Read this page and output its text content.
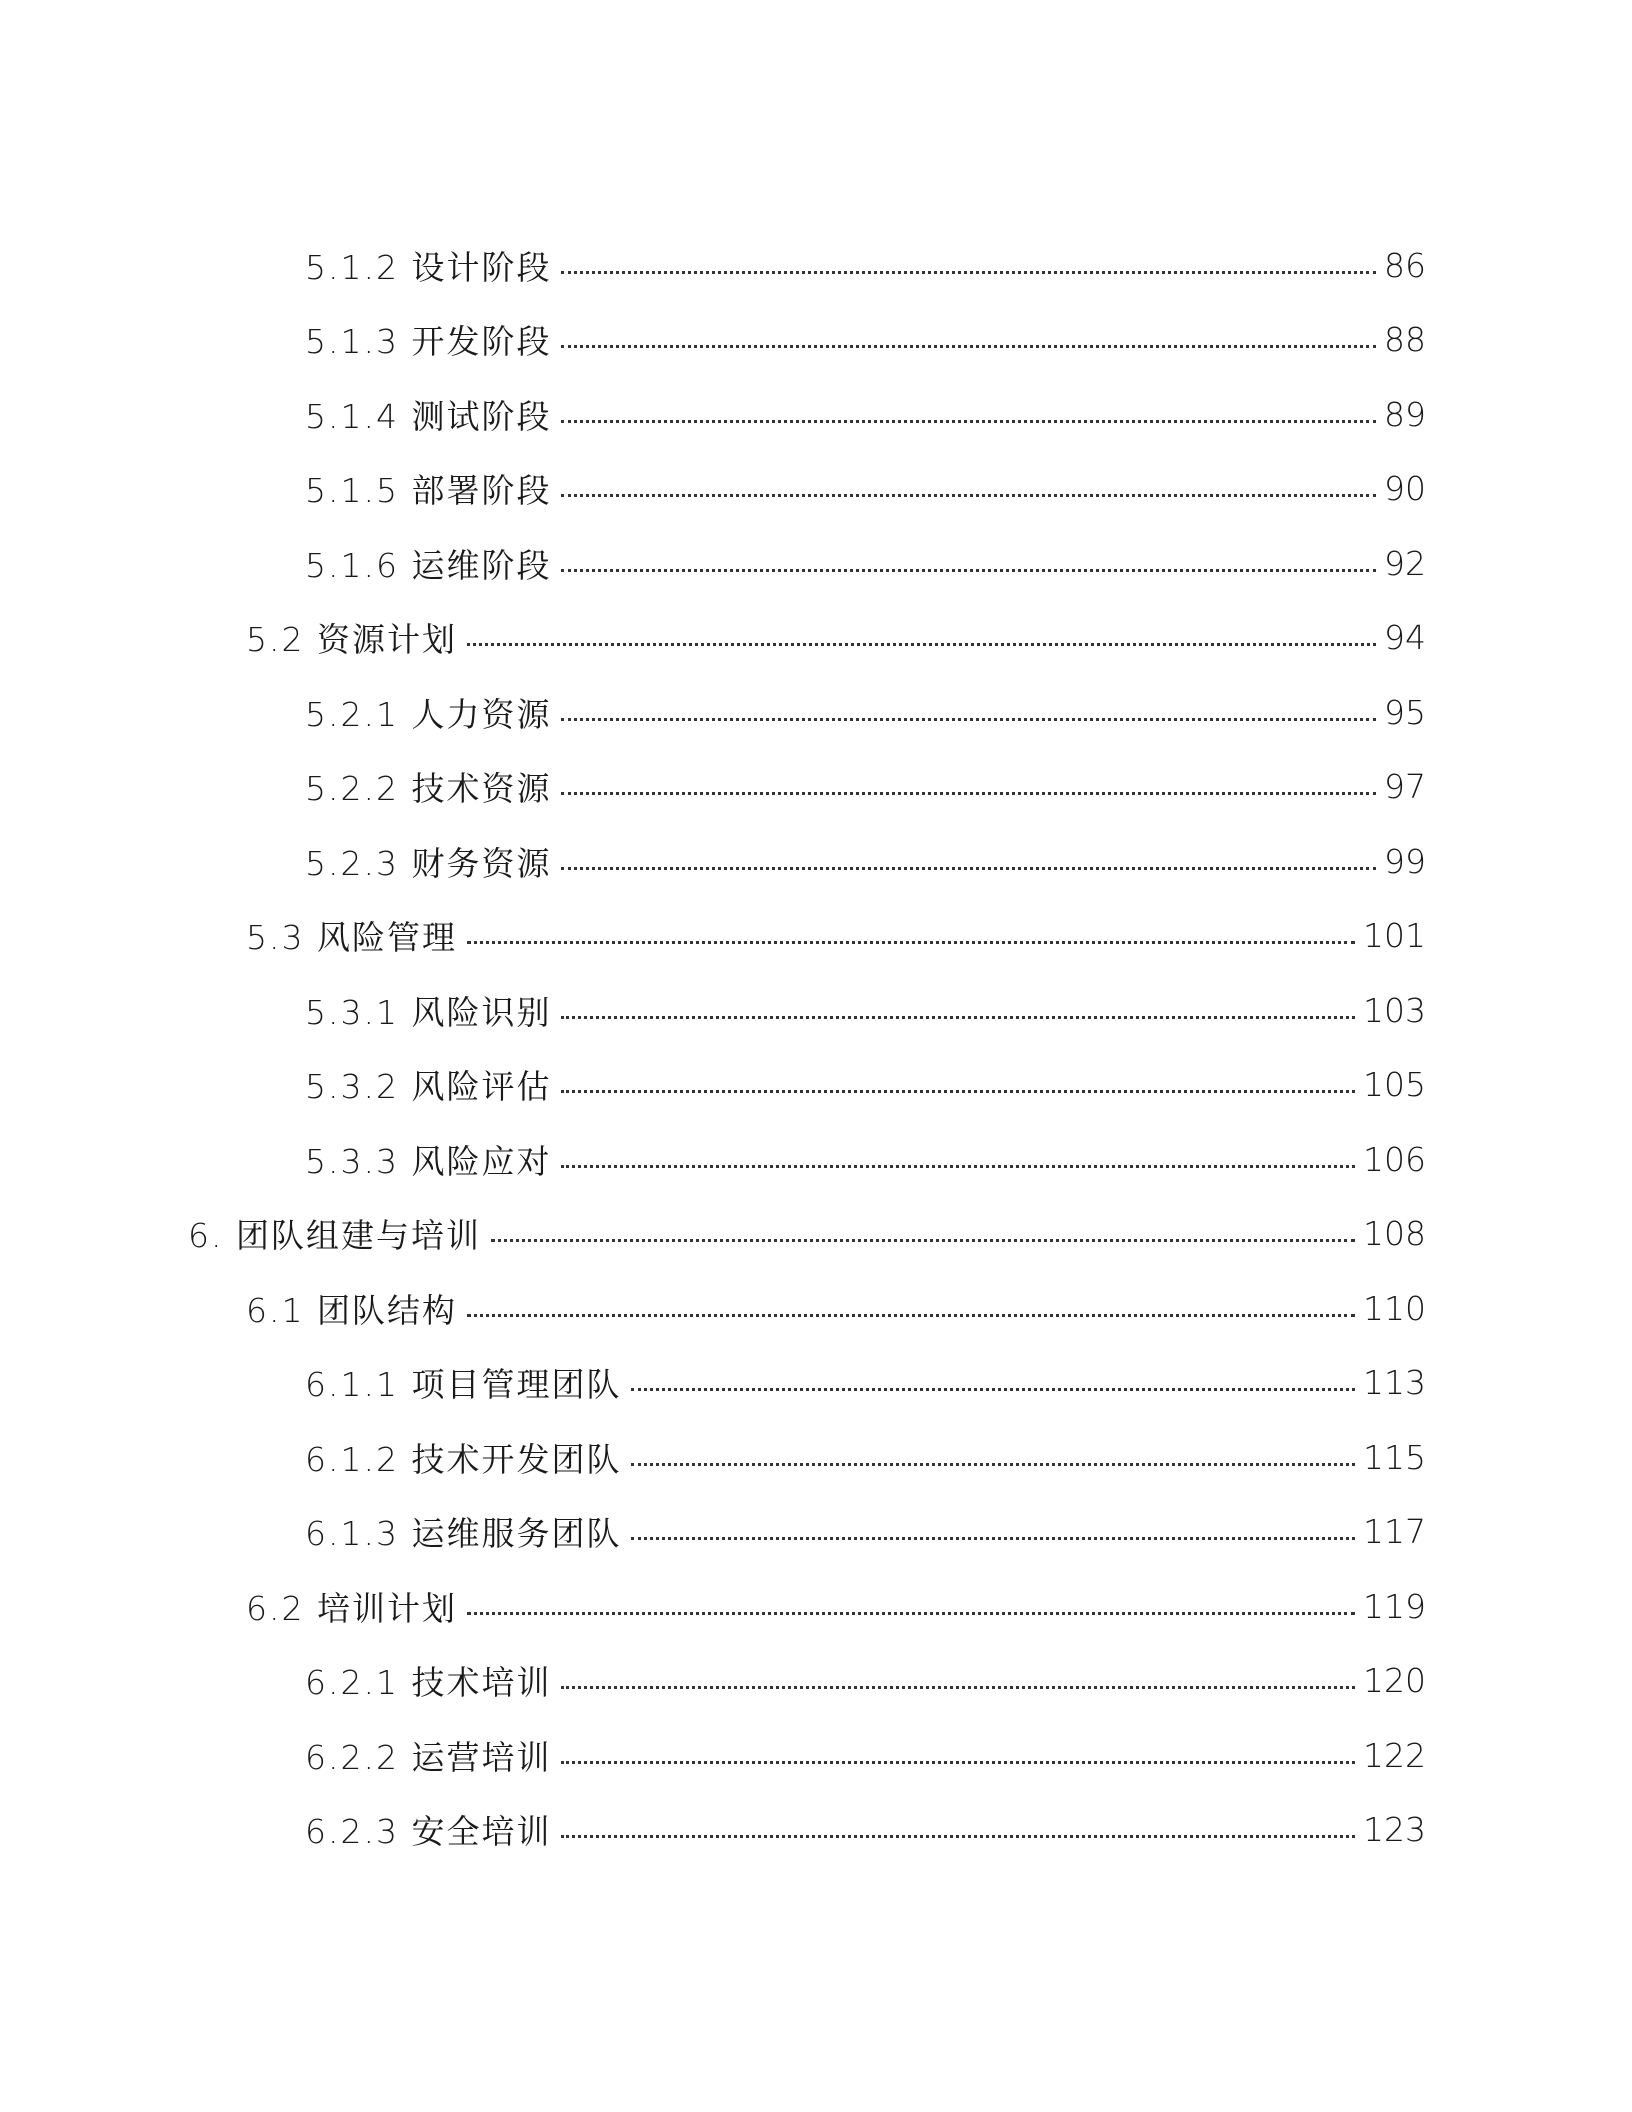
5.1.2 设计阶段	86
5.1.3 开发阶段	88
5.1.4 测试阶段	89
5.1.5 部署阶段	90
5.1.6 运维阶段	92
5.2 资源计划	94
5.2.1 人力资源	95
5.2.2 技术资源	97
5.2.3 财务资源	99
5.3 风险管理	101
5.3.1 风险识别	103
5.3.2 风险评估	105
5.3.3 风险应对	106
6. 团队组建与培训	108
6.1 团队结构	110
6.1.1 项目管理团队	113
6.1.2 技术开发团队	115
6.1.3 运维服务团队	117
6.2 培训计划	119
6.2.1 技术培训	120
6.2.2 运营培训	122
6.2.3 安全培训	123
